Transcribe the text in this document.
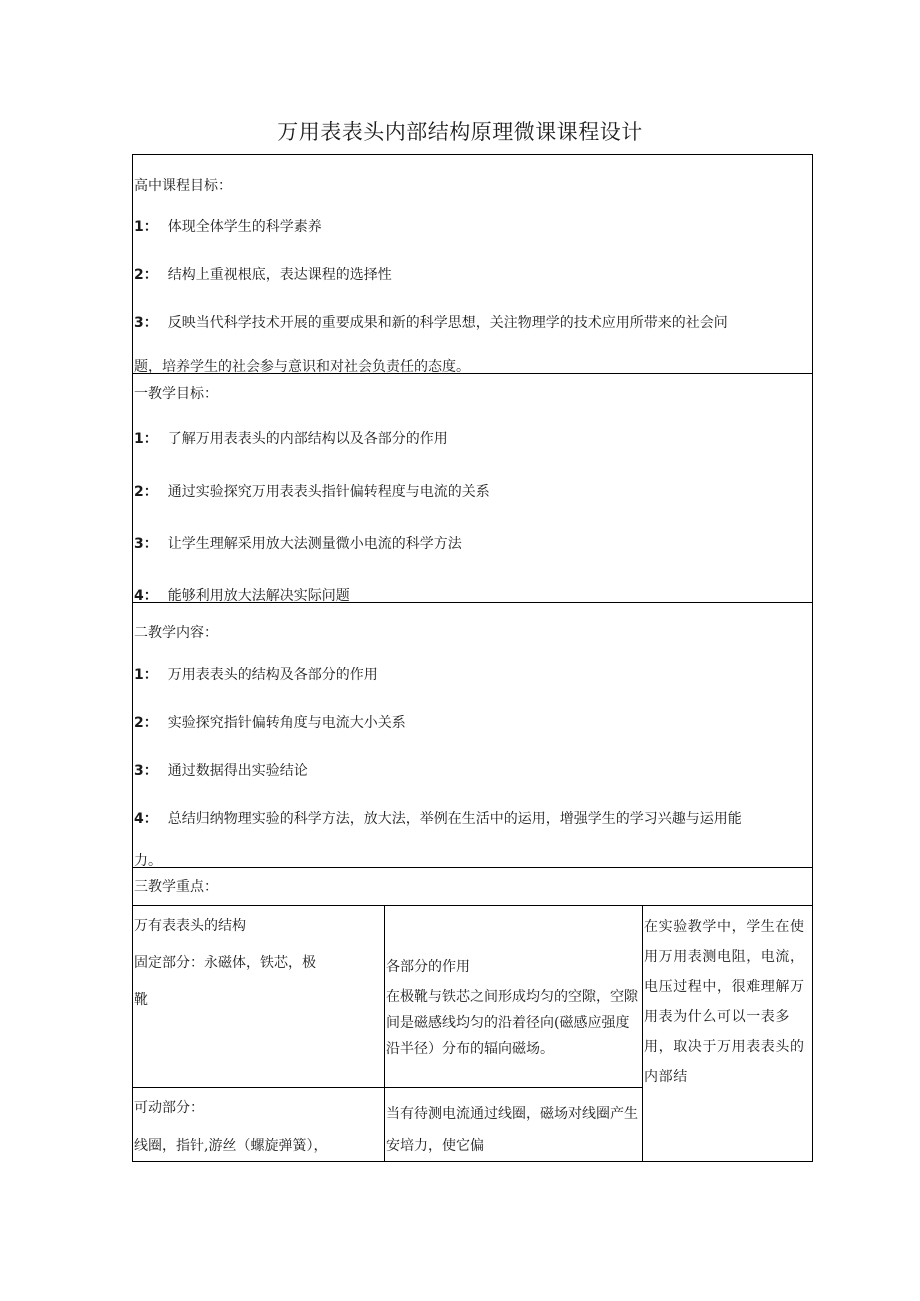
万用表表头内部结构原理微课课程设计
高中课程目标：
1： 体现全体学生的科学素养
2： 结构上重视根底，表达课程的选择性
3： 反映当代科学技术开展的重要成果和新的科学思想，关注物理学的技术应用所带来的社会问
题，培养学生的社会参与意识和对社会负责任的态度。
一教学目标：
1： 了解万用表表头的内部结构以及各部分的作用
2： 通过实验探究万用表表头指针偏转程度与电流的关系
3： 让学生理解采用放大法测量微小电流的科学方法
4： 能够利用放大法解决实际问题
二教学内容：
1： 万用表表头的结构及各部分的作用
2： 实验探究指针偏转角度与电流大小关系
3： 通过数据得出实验结论
4： 总结归纳物理实验的科学方法，放大法，举例在生活中的运用，增强学生的学习兴趣与运用能
力。
三教学重点：
万有表表头的结构
固定部分：永磁体，铁芯，极
靴
各部分的作用
在极靴与铁芯之间形成均匀的空隙，空隙间是磁感线均匀的沿着径向(磁感应强度沿半径）分布的辐向磁场。
在实验教学中，学生在使用万用表测电阻，电流，电压过程中，很难理解万用表为什么可以一表多用，取决于万用表表头的内部结
可动部分：
线圈，指针,游丝（螺旋弹簧），
当有待测电流通过线圈，磁场对线圈产生安培力，使它偏
